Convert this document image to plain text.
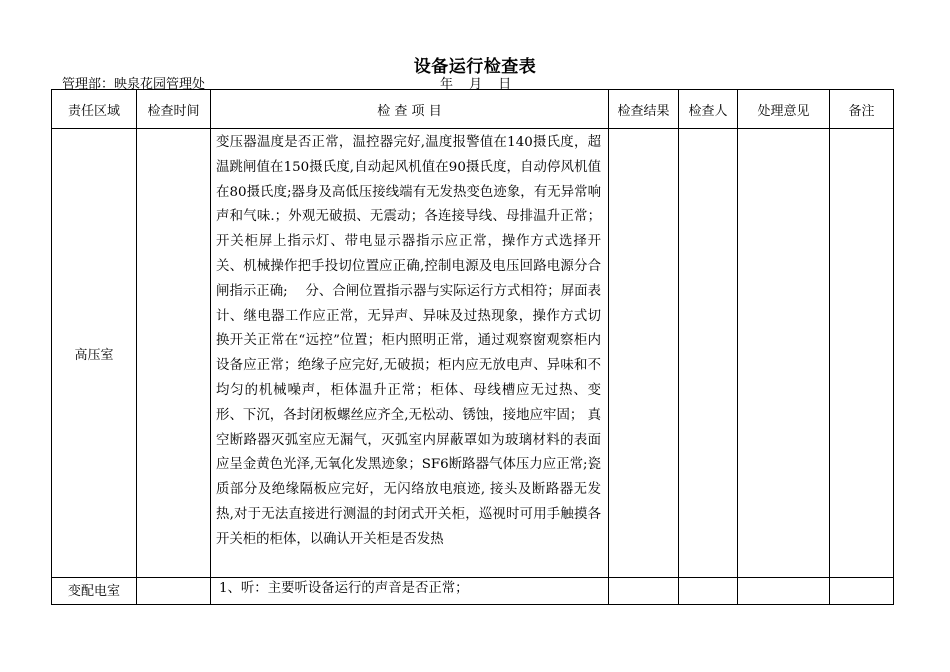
设备运行检查表
管理部：映泉花园管理处	年 月 日
责任区域	检查时间	检 查 项 目	检查结果	检查人	处理意见	备注
高压室		变压器温度是否正常，温控器完好,温度报警值在140摄氏度，超温跳闸值在150摄氏度,自动起风机值在90摄氏度，自动停风机值在80摄氏度;器身及高低压接线端有无发热变色迹象，有无异常响声和气味.；外观无破损、无震动；各连接导线、母排温升正常；开关柜屏上指示灯、带电显示器指示应正常，操作方式选择开关、机械操作把手投切位置应正确,控制电源及电压回路电源分合闸指示正确;　 分、合闸位置指示器与实际运行方式相符；屏面表计、继电器工作应正常，无异声、异味及过热现象，操作方式切换开关正常在“远控”位置；柜内照明正常，通过观察窗观察柜内设备应正常；绝缘子应完好,无破损；柜内应无放电声、异味和不均匀的机械噪声，柜体温升正常；柜体、母线槽应无过热、变形、下沉，各封闭板螺丝应齐全,无松动、锈蚀，接地应牢固； 真空断路器灭弧室应无漏气，灭弧室内屏蔽罩如为玻璃材料的表面应呈金黄色光泽,无氧化发黑迹象；SF6断路器气体压力应正常;瓷质部分及绝缘隔板应完好，无闪络放电痕迹, 接头及断路器无发热,对于无法直接进行测温的封闭式开关柜，巡视时可用手触摸各开关柜的柜体，以确认开关柜是否发热				
变配电室		1、听：主要听设备运行的声音是否正常；				
